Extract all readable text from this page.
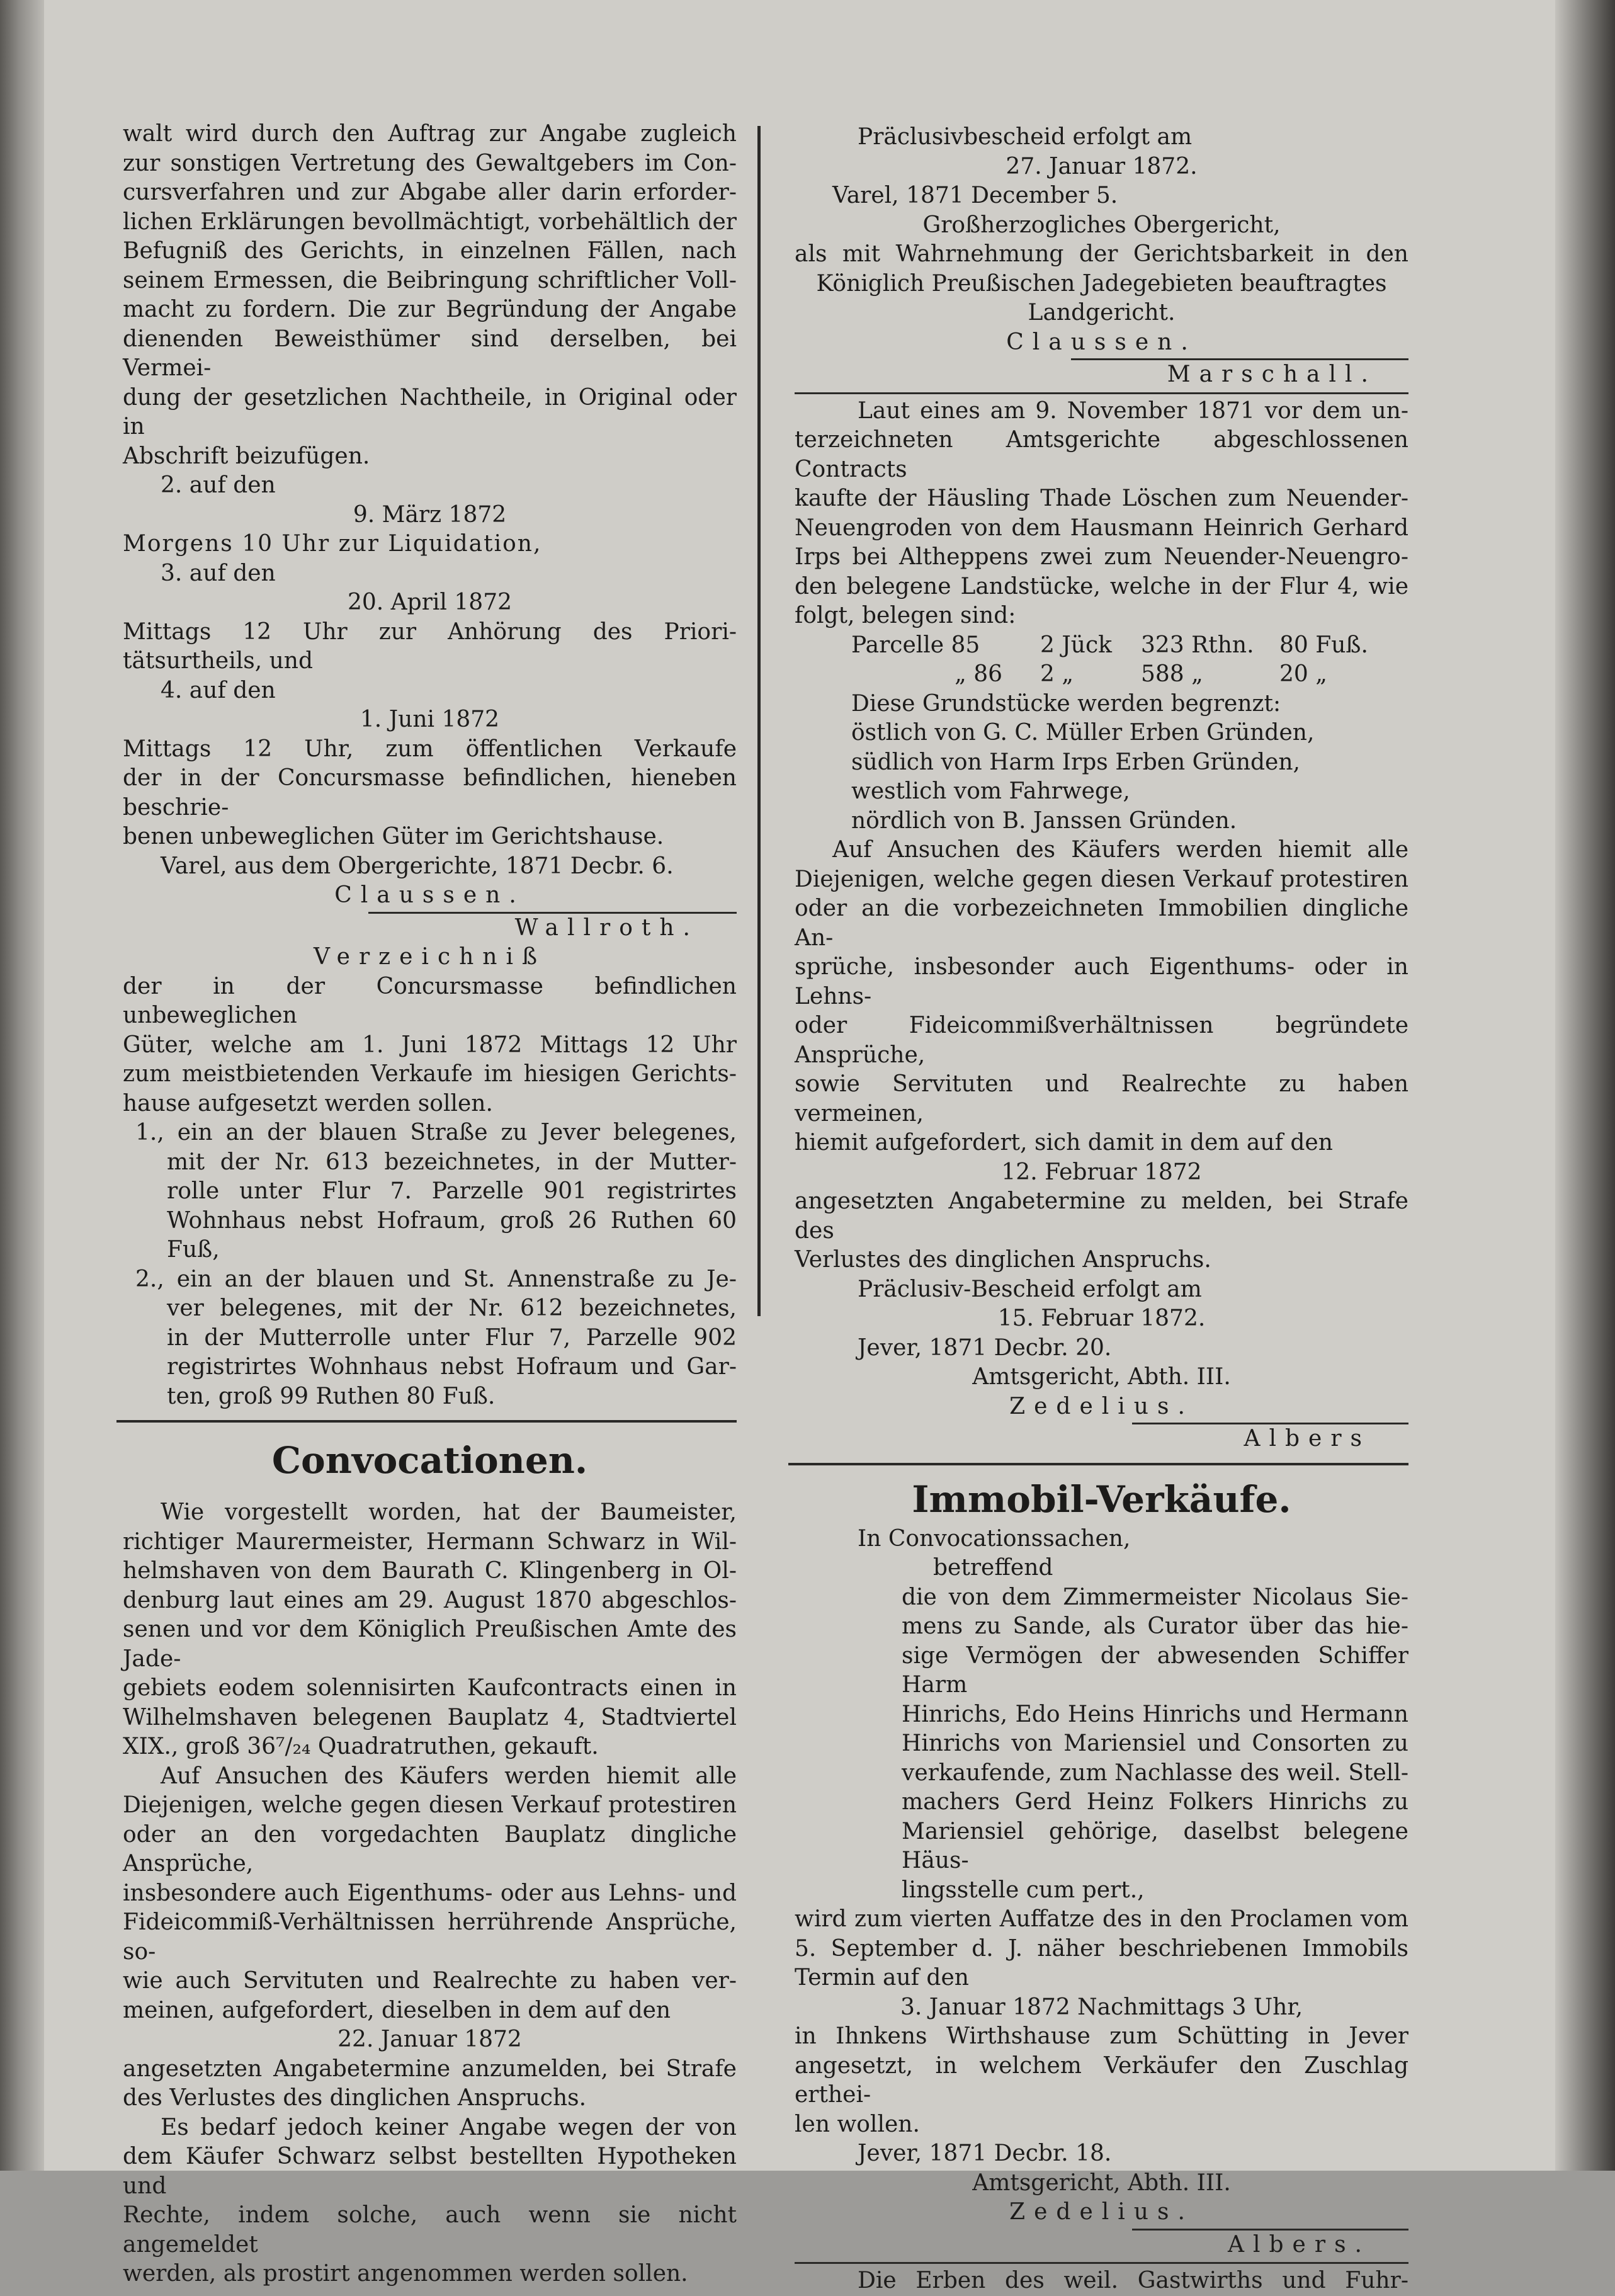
walt wird durch den Auftrag zur Angabe zugleich
zur sonstigen Vertretung des Gewaltgebers im Con-
cursverfahren und zur Abgabe aller darin erforder-
lichen Erklärungen bevollmächtigt, vorbehältlich der
Befugniß des Gerichts, in einzelnen Fällen, nach
seinem Ermessen, die Beibringung schriftlicher Voll-
macht zu fordern. Die zur Begründung der Angabe
dienenden Beweisthümer sind derselben, bei Vermei-
dung der gesetzlichen Nachtheile, in Original oder in
Abschrift beizufügen.
2. auf den
9. März 1872
Morgens 10 Uhr zur Liquidation,
3. auf den
20. April 1872
Mittags 12 Uhr zur Anhörung des Priori-
tätsurtheils, und
4. auf den
1. Juni 1872
Mittags 12 Uhr, zum öffentlichen Verkaufe
der in der Concursmasse befindlichen, hieneben beschrie-
benen unbeweglichen Güter im Gerichtshause.
Varel, aus dem Obergerichte, 1871 Decbr. 6.
Claussen.
Wallroth.
Verzeichniß
der in der Concursmasse befindlichen unbeweglichen
Güter, welche am 1. Juni 1872 Mittags 12 Uhr
zum meistbietenden Verkaufe im hiesigen Gerichts-
hause aufgesetzt werden sollen.
1., ein an der blauen Straße zu Jever belegenes,
mit der Nr. 613 bezeichnetes, in der Mutter-
rolle unter Flur 7. Parzelle 901 registrirtes
Wohnhaus nebst Hofraum, groß 26 Ruthen 60
Fuß,
2., ein an der blauen und St. Annenstraße zu Je-
ver belegenes, mit der Nr. 612 bezeichnetes,
in der Mutterrolle unter Flur 7, Parzelle 902
registrirtes Wohnhaus nebst Hofraum und Gar-
ten, groß 99 Ruthen 80 Fuß.
Convocationen.
Wie vorgestellt worden, hat der Baumeister,
richtiger Maurermeister, Hermann Schwarz in Wil-
helmshaven von dem Baurath C. Klingenberg in Ol-
denburg laut eines am 29. August 1870 abgeschlos-
senen und vor dem Königlich Preußischen Amte des Jade-
gebiets eodem solennisirten Kaufcontracts einen in
Wilhelmshaven belegenen Bauplatz 4, Stadtviertel
XIX., groß 36⁷/₂₄ Quadratruthen, gekauft.
Auf Ansuchen des Käufers werden hiemit alle
Diejenigen, welche gegen diesen Verkauf protestiren
oder an den vorgedachten Bauplatz dingliche Ansprüche,
insbesondere auch Eigenthums- oder aus Lehns- und
Fideicommiß-Verhältnissen herrührende Ansprüche, so-
wie auch Servituten und Realrechte zu haben ver-
meinen, aufgefordert, dieselben in dem auf den
22. Januar 1872
angesetzten Angabetermine anzumelden, bei Strafe
des Verlustes des dinglichen Anspruchs.
Es bedarf jedoch keiner Angabe wegen der von
dem Käufer Schwarz selbst bestellten Hypotheken und
Rechte, indem solche, auch wenn sie nicht angemeldet
werden, als prostirt angenommen werden sollen.
Präclusivbescheid erfolgt am
27. Januar 1872.
Varel, 1871 December 5.
Großherzogliches Obergericht,
als mit Wahrnehmung der Gerichtsbarkeit in den
Königlich Preußischen Jadegebieten beauftragtes
Landgericht.
Claussen.
Marschall.
Laut eines am 9. November 1871 vor dem un-
terzeichneten Amtsgerichte abgeschlossenen Contracts
kaufte der Häusling Thade Löschen zum Neuender-
Neuengroden von dem Hausmann Heinrich Gerhard
Irps bei Altheppens zwei zum Neuender-Neuengro-
den belegene Landstücke, welche in der Flur 4, wie
folgt, belegen sind:
Parcelle 85	2 Jück	323 Rthn.	80 Fuß.
„ 86	2 „	588 „	20 „
Diese Grundstücke werden begrenzt:
östlich von G. C. Müller Erben Gründen,
südlich von Harm Irps Erben Gründen,
westlich vom Fahrwege,
nördlich von B. Janssen Gründen.
Auf Ansuchen des Käufers werden hiemit alle
Diejenigen, welche gegen diesen Verkauf protestiren
oder an die vorbezeichneten Immobilien dingliche An-
sprüche, insbesonder auch Eigenthums- oder in Lehns-
oder Fideicommißverhältnissen begründete Ansprüche,
sowie Servituten und Realrechte zu haben vermeinen,
hiemit aufgefordert, sich damit in dem auf den
12. Februar 1872
angesetzten Angabetermine zu melden, bei Strafe des
Verlustes des dinglichen Anspruchs.
Präclusiv-Bescheid erfolgt am
15. Februar 1872.
Jever, 1871 Decbr. 20.
Amtsgericht, Abth. III.
Zedelius.
Albers
Immobil-Verkäufe.
In Convocationssachen,
betreffend
die von dem Zimmermeister Nicolaus Sie-
mens zu Sande, als Curator über das hie-
sige Vermögen der abwesenden Schiffer Harm
Hinrichs, Edo Heins Hinrichs und Hermann
Hinrichs von Mariensiel und Consorten zu
verkaufende, zum Nachlasse des weil. Stell-
machers Gerd Heinz Folkers Hinrichs zu
Mariensiel gehörige, daselbst belegene Häus-
lingsstelle cum pert.,
wird zum vierten Auffatze des in den Proclamen vom
5. September d. J. näher beschriebenen Immobils
Termin auf den
3. Januar 1872 Nachmittags 3 Uhr,
in Ihnkens Wirthshause zum Schütting in Jever
angesetzt, in welchem Verkäufer den Zuschlag erthei-
len wollen.
Jever, 1871 Decbr. 18.
Amtsgericht, Abth. III.
Zedelius.
Albers.
Die Erben des weil. Gastwirths und Fuhr-
